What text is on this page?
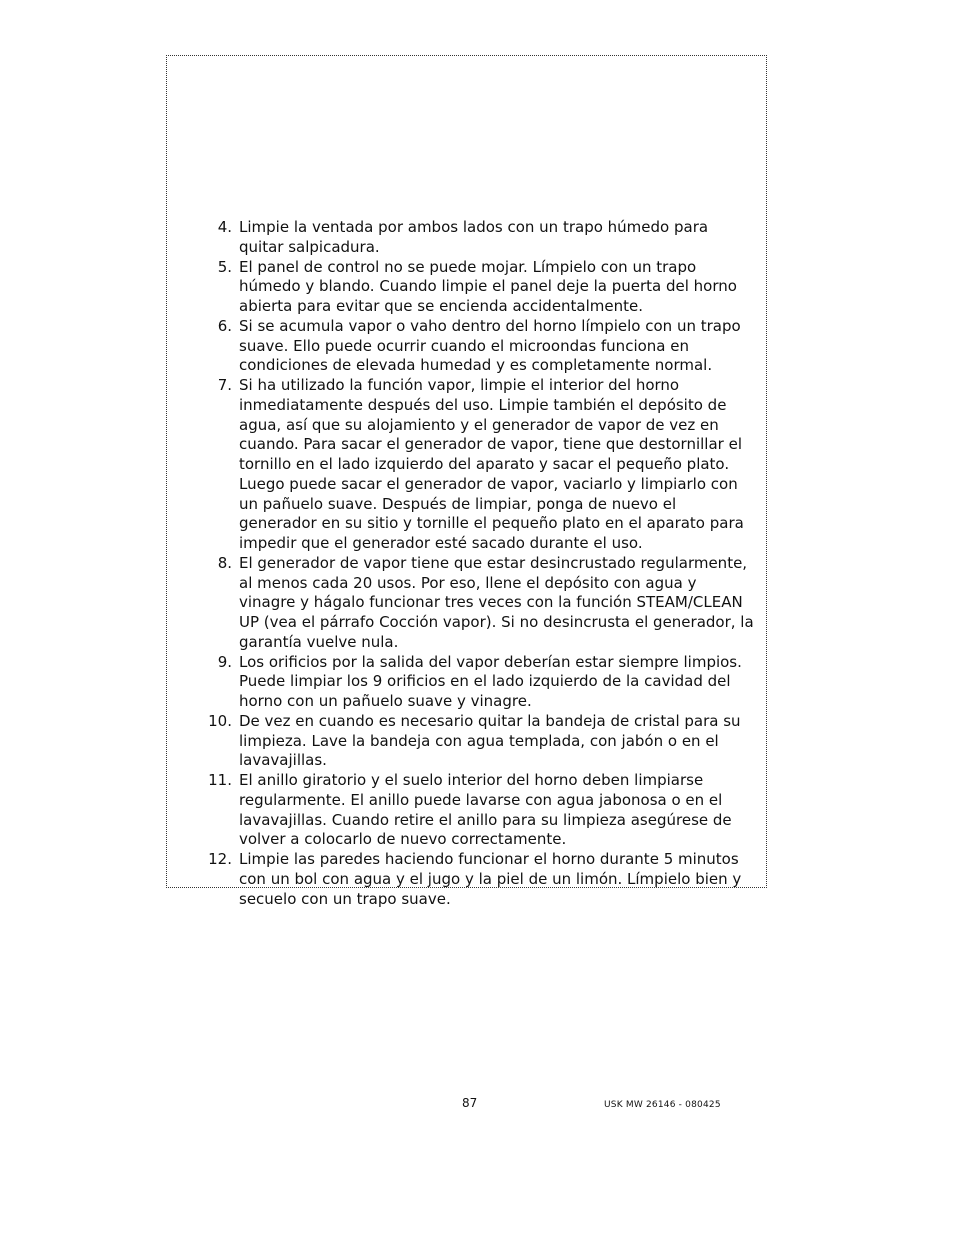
4. Limpie la ventada por ambos lados con un trapo húmedo para quitar salpicadura.
5. El panel de control no se puede mojar. Límpielo con un trapo húmedo y blando. Cuando limpie el panel deje la puerta del horno abierta para evitar que se encienda accidentalmente.
6. Si se acumula vapor o vaho dentro del horno límpielo con un trapo suave. Ello puede ocurrir cuando el microondas funciona en condiciones de elevada humedad y es completamente normal.
7. Si ha utilizado la función vapor, limpie el interior del horno inmediatamente después del uso. Limpie también el depósito de agua, así que su alojamiento y el generador de vapor de vez en cuando. Para sacar el generador de vapor, tiene que destornillar el tornillo en el lado izquierdo del aparato y sacar el pequeño plato. Luego puede sacar el generador de vapor, vaciarlo y limpiarlo con un pañuelo suave. Después de limpiar, ponga de nuevo el generador en su sitio y tornille el pequeño plato en el aparato para impedir que el generador esté sacado durante el uso.
8. El generador de vapor tiene que estar desincrustado regularmente, al menos cada 20 usos. Por eso, llene el depósito con agua y vinagre y hágalo funcionar tres veces con la función STEAM/CLEAN UP (vea el párrafo Cocción vapor). Si no desincrusta el generador, la garantía vuelve nula.
9. Los orificios por la salida del vapor deberían estar siempre limpios. Puede limpiar los 9 orificios en el lado izquierdo de la cavidad del horno con un pañuelo suave y vinagre.
10. De vez en cuando es necesario quitar la bandeja de cristal para su limpieza. Lave la bandeja con agua templada, con jabón o en el lavavajillas.
11. El anillo giratorio y el suelo interior del horno deben limpiarse regularmente. El anillo puede lavarse con agua jabonosa o en el lavavajillas. Cuando retire el anillo para su limpieza asegúrese de volver a colocarlo de nuevo correctamente.
12. Limpie las paredes haciendo funcionar el horno durante 5 minutos con un bol con agua y el jugo y la piel de un limón. Límpielo bien y secuelo con un trapo suave.
87	USK MW 26146 - 080425
